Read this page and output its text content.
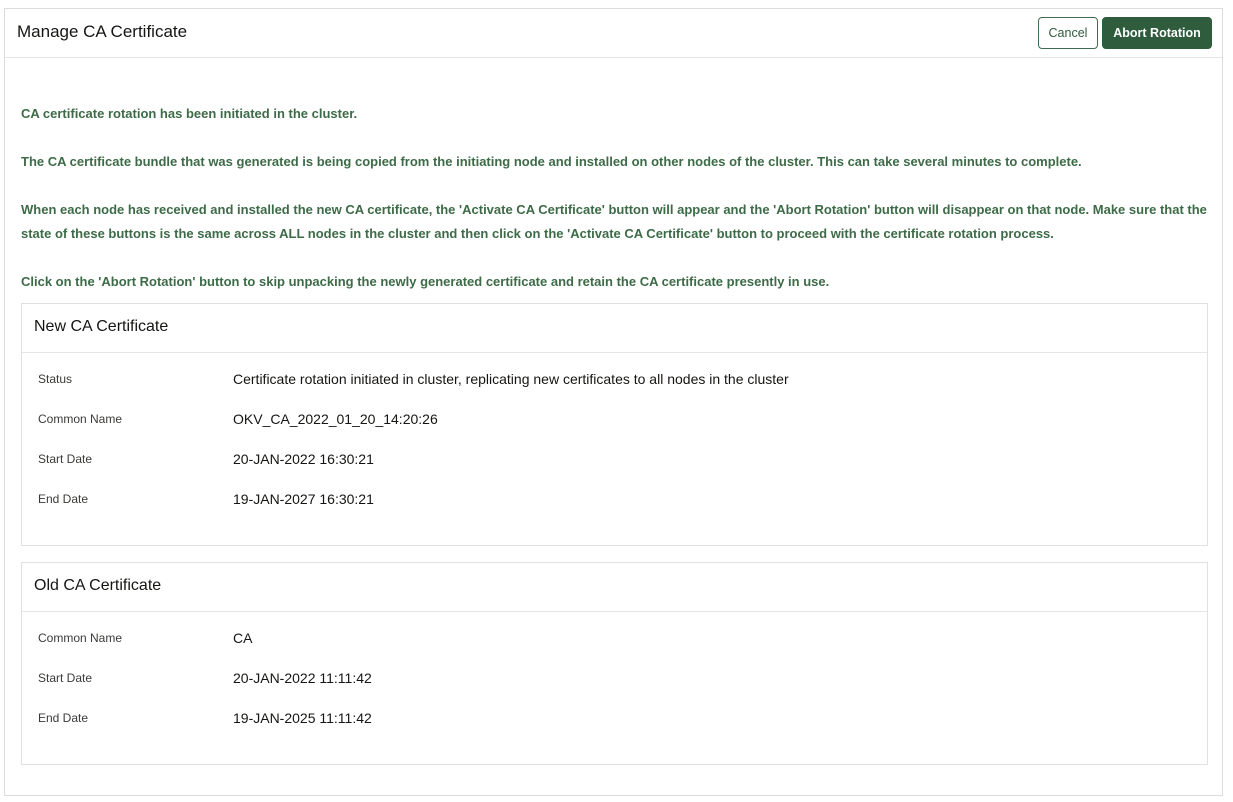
Manage CA Certificate	Cancel	Abort Rotation

CA certificate rotation has been initiated in the cluster.

The CA certificate bundle that was generated is being copied from the initiating node and installed on other nodes of the cluster. This can take several minutes to complete.

When each node has received and installed the new CA certificate, the 'Activate CA Certificate' button will appear and the 'Abort Rotation' button will disappear on that node. Make sure that the
state of these buttons is the same across ALL nodes in the cluster and then click on the 'Activate CA Certificate' button to proceed with the certificate rotation process.

Click on the 'Abort Rotation' button to skip unpacking the newly generated certificate and retain the CA certificate presently in use.

New CA Certificate
Status	Certificate rotation initiated in cluster, replicating new certificates to all nodes in the cluster
Common Name	OKV_CA_2022_01_20_14:20:26
Start Date	20-JAN-2022 16:30:21
End Date	19-JAN-2027 16:30:21
Old CA Certificate
Common Name	CA
Start Date	20-JAN-2022 11:11:42
End Date	19-JAN-2025 11:11:42
